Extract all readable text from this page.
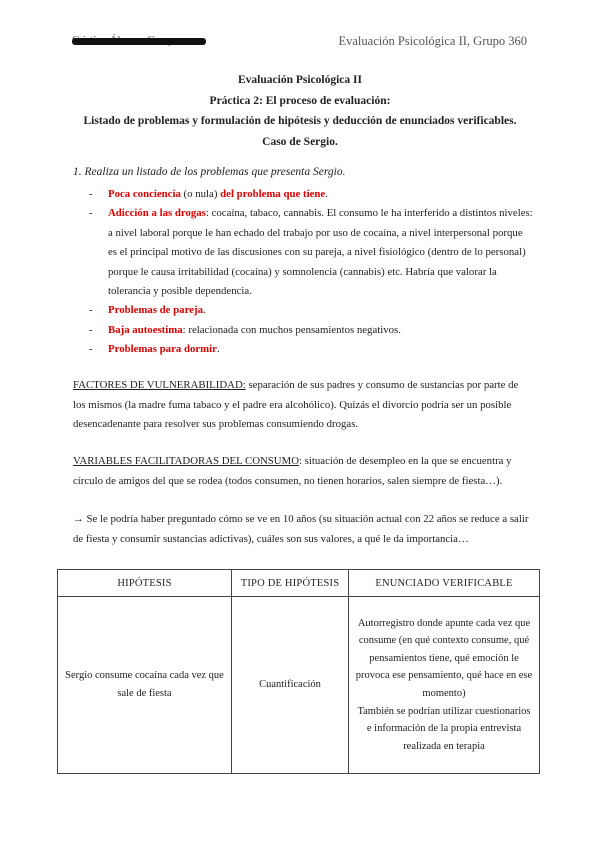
Evaluación Psicológica II, Grupo 360
Evaluación Psicológica II
Práctica 2: El proceso de evaluación:
Listado de problemas y formulación de hipótesis y deducción de enunciados verificables.
Caso de Sergio.
1. Realiza un listado de los problemas que presenta Sergio.
- Poca conciencia (o nula) del problema que tiene.
- Adicción a las drogas: cocaína, tabaco, cannabis. El consumo le ha interferido a distintos niveles: a nivel laboral porque le han echado del trabajo por uso de cocaína, a nivel interpersonal porque es el principal motivo de las discusiones con su pareja, a nivel fisiológico (dentro de lo personal) porque le causa irritabilidad (cocaína) y somnolencia (cannabis) etc. Habría que valorar la tolerancia y posible dependencia.
- Problemas de pareja.
- Baja autoestima: relacionada con muchos pensamientos negativos.
- Problemas para dormir.
FACTORES DE VULNERABILIDAD: separación de sus padres y consumo de sustancias por parte de los mismos (la madre fuma tabaco y el padre era alcohólico). Quizás el divorcio podría ser un posible desencadenante para resolver sus problemas consumiendo drogas.
VARIABLES FACILITADORAS DEL CONSUMO: situación de desempleo en la que se encuentra y círculo de amigos del que se rodea (todos consumen, no tienen horarios, salen siempre de fiesta…).
→ Se le podría haber preguntado cómo se ve en 10 años (su situación actual con 22 años se reduce a salir de fiesta y consumir sustancias adictivas), cuáles son sus valores, a qué le da importancia…
HIPÓTESIS	TIPO DE HIPÓTESIS	ENUNCIADO VERIFICABLE
Sergio consume cocaína cada vez que sale de fiesta	Cuantificación	Autorregistro donde apunte cada vez que consume (en qué contexto consume, qué pensamientos tiene, qué emoción le provoca ese pensamiento, qué hace en ese momento)
También se podrían utilizar cuestionarios e información de la propia entrevista realizada en terapia
